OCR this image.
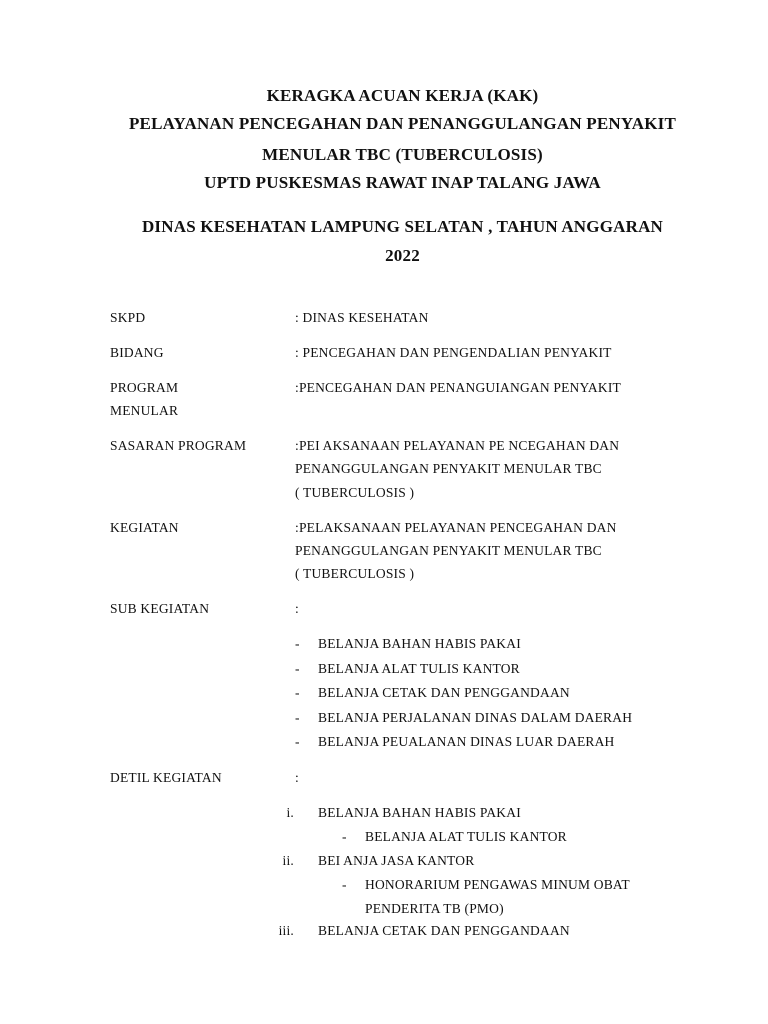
KERAGKA ACUAN KERJA (KAK)
PELAYANAN PENCEGAHAN DAN PENANGGULANGAN PENYAKIT
MENULAR TBC (TUBERCULOSIS)
UPTD PUSKESMAS RAWAT INAP TALANG JAWA
DINAS KESEHATAN LAMPUNG SELATAN , TAHUN ANGGARAN
2022
SKPD	: DINAS KESEHATAN
BIDANG	: PENCEGAHAN DAN PENGENDALIAN PENYAKIT
PROGRAM	:PENCEGAHAN DAN PENANGUIANGAN PENYAKIT
MENULAR
SASARAN PROGRAM	:PEI AKSANAAN PELAYANAN PE NCEGAHAN DAN
PENANGGULANGAN PENYAKIT MENULAR TBC
( TUBERCULOSIS )
KEGIATAN	:PELAKSANAAN PELAYANAN PENCEGAHAN DAN
PENANGGULANGAN PENYAKIT MENULAR TBC
( TUBERCULOSIS )
SUB KEGIATAN	:
- BELANJA BAHAN HABIS PAKAI
- BELANJA ALAT TULIS KANTOR
- BELANJA CETAK DAN PENGGANDAAN
- BELANJA PERJALANAN DINAS DALAM DAERAH
- BELANJA PEUALANAN DINAS LUAR DAERAH
DETIL KEGIATAN	:
i. BELANJA BAHAN HABIS PAKAI
- BELANJA ALAT TULIS KANTOR
ii. BEI ANJA JASA KANTOR
- HONORARIUM PENGAWAS MINUM OBAT
PENDERITA TB (PMO)
iii. BELANJA CETAK DAN PENGGANDAAN
